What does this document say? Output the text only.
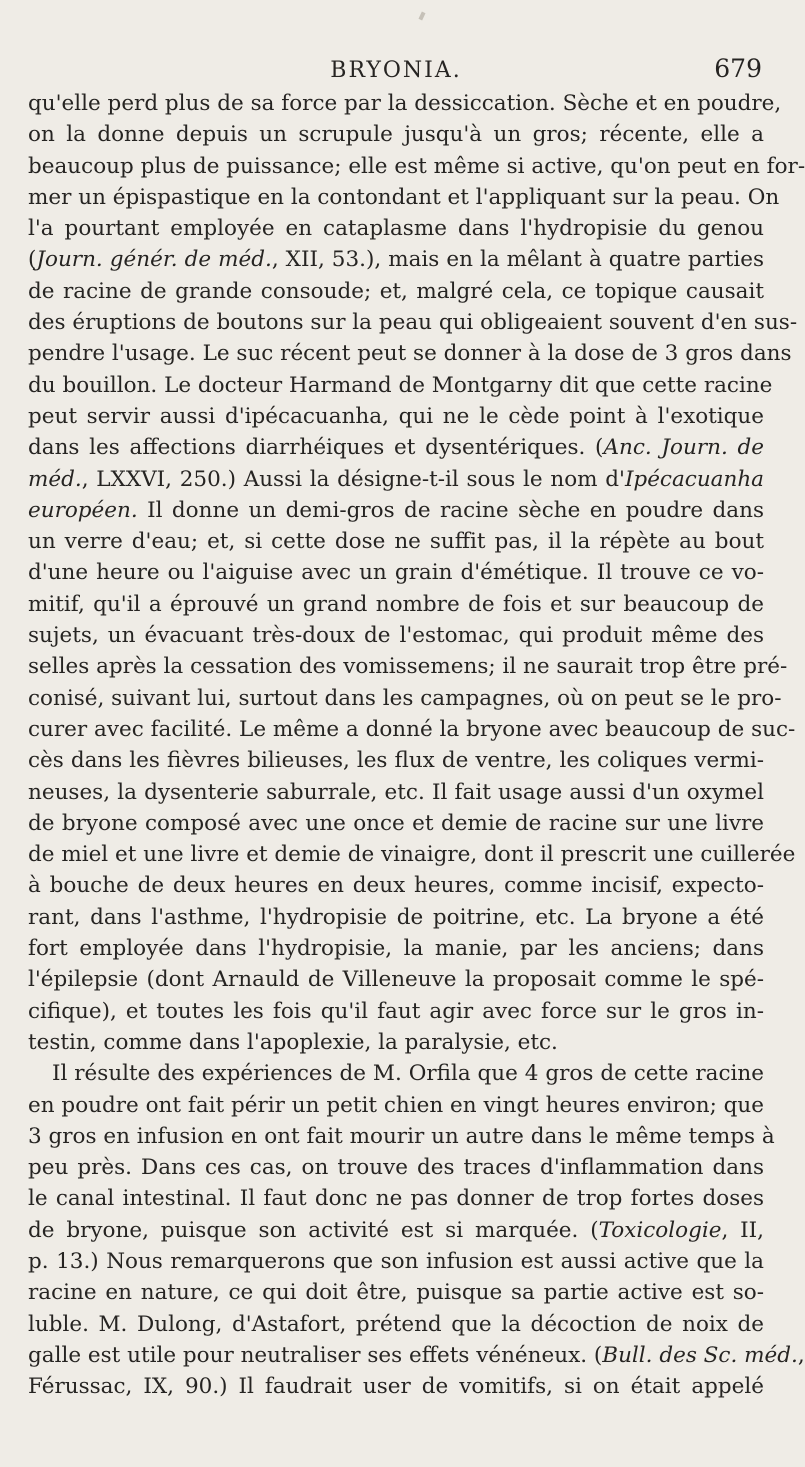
BRYONIA.	679
qu'elle perd plus de sa force par la dessiccation. Sèche et en poudre,
on la donne depuis un scrupule jusqu'à un gros; récente, elle a
beaucoup plus de puissance; elle est même si active, qu'on peut en for-
mer un épispastique en la contondant et l'appliquant sur la peau. On
l'a pourtant employée en cataplasme dans l'hydropisie du genou
(Journ. génér. de méd., XII, 53.), mais en la mêlant à quatre parties
de racine de grande consoude; et, malgré cela, ce topique causait
des éruptions de boutons sur la peau qui obligeaient souvent d'en sus-
pendre l'usage. Le suc récent peut se donner à la dose de 3 gros dans
du bouillon. Le docteur Harmand de Montgarny dit que cette racine
peut servir aussi d'ipécacuanha, qui ne le cède point à l'exotique
dans les affections diarrhéiques et dysentériques. (Anc. Journ. de
méd., LXXVI, 250.) Aussi la désigne-t-il sous le nom d'Ipécacuanha
européen. Il donne un demi-gros de racine sèche en poudre dans
un verre d'eau; et, si cette dose ne suffit pas, il la répète au bout
d'une heure ou l'aiguise avec un grain d'émétique. Il trouve ce vo-
mitif, qu'il a éprouvé un grand nombre de fois et sur beaucoup de
sujets, un évacuant très-doux de l'estomac, qui produit même des
selles après la cessation des vomissemens; il ne saurait trop être pré-
conisé, suivant lui, surtout dans les campagnes, où on peut se le pro-
curer avec facilité. Le même a donné la bryone avec beaucoup de suc-
cès dans les fièvres bilieuses, les flux de ventre, les coliques vermi-
neuses, la dysenterie saburrale, etc. Il fait usage aussi d'un oxymel
de bryone composé avec une once et demie de racine sur une livre
de miel et une livre et demie de vinaigre, dont il prescrit une cuillerée
à bouche de deux heures en deux heures, comme incisif, expecto-
rant, dans l'asthme, l'hydropisie de poitrine, etc. La bryone a été
fort employée dans l'hydropisie, la manie, par les anciens; dans
l'épilepsie (dont Arnauld de Villeneuve la proposait comme le spé-
cifique), et toutes les fois qu'il faut agir avec force sur le gros in-
testin, comme dans l'apoplexie, la paralysie, etc.
Il résulte des expériences de M. Orfila que 4 gros de cette racine
en poudre ont fait périr un petit chien en vingt heures environ; que
3 gros en infusion en ont fait mourir un autre dans le même temps à
peu près. Dans ces cas, on trouve des traces d'inflammation dans
le canal intestinal. Il faut donc ne pas donner de trop fortes doses
de bryone, puisque son activité est si marquée. (Toxicologie, II,
p. 13.) Nous remarquerons que son infusion est aussi active que la
racine en nature, ce qui doit être, puisque sa partie active est so-
luble. M. Dulong, d'Astafort, prétend que la décoction de noix de
galle est utile pour neutraliser ses effets vénéneux. (Bull. des Sc. méd.,
Férussac, IX, 90.) Il faudrait user de vomitifs, si on était appelé
